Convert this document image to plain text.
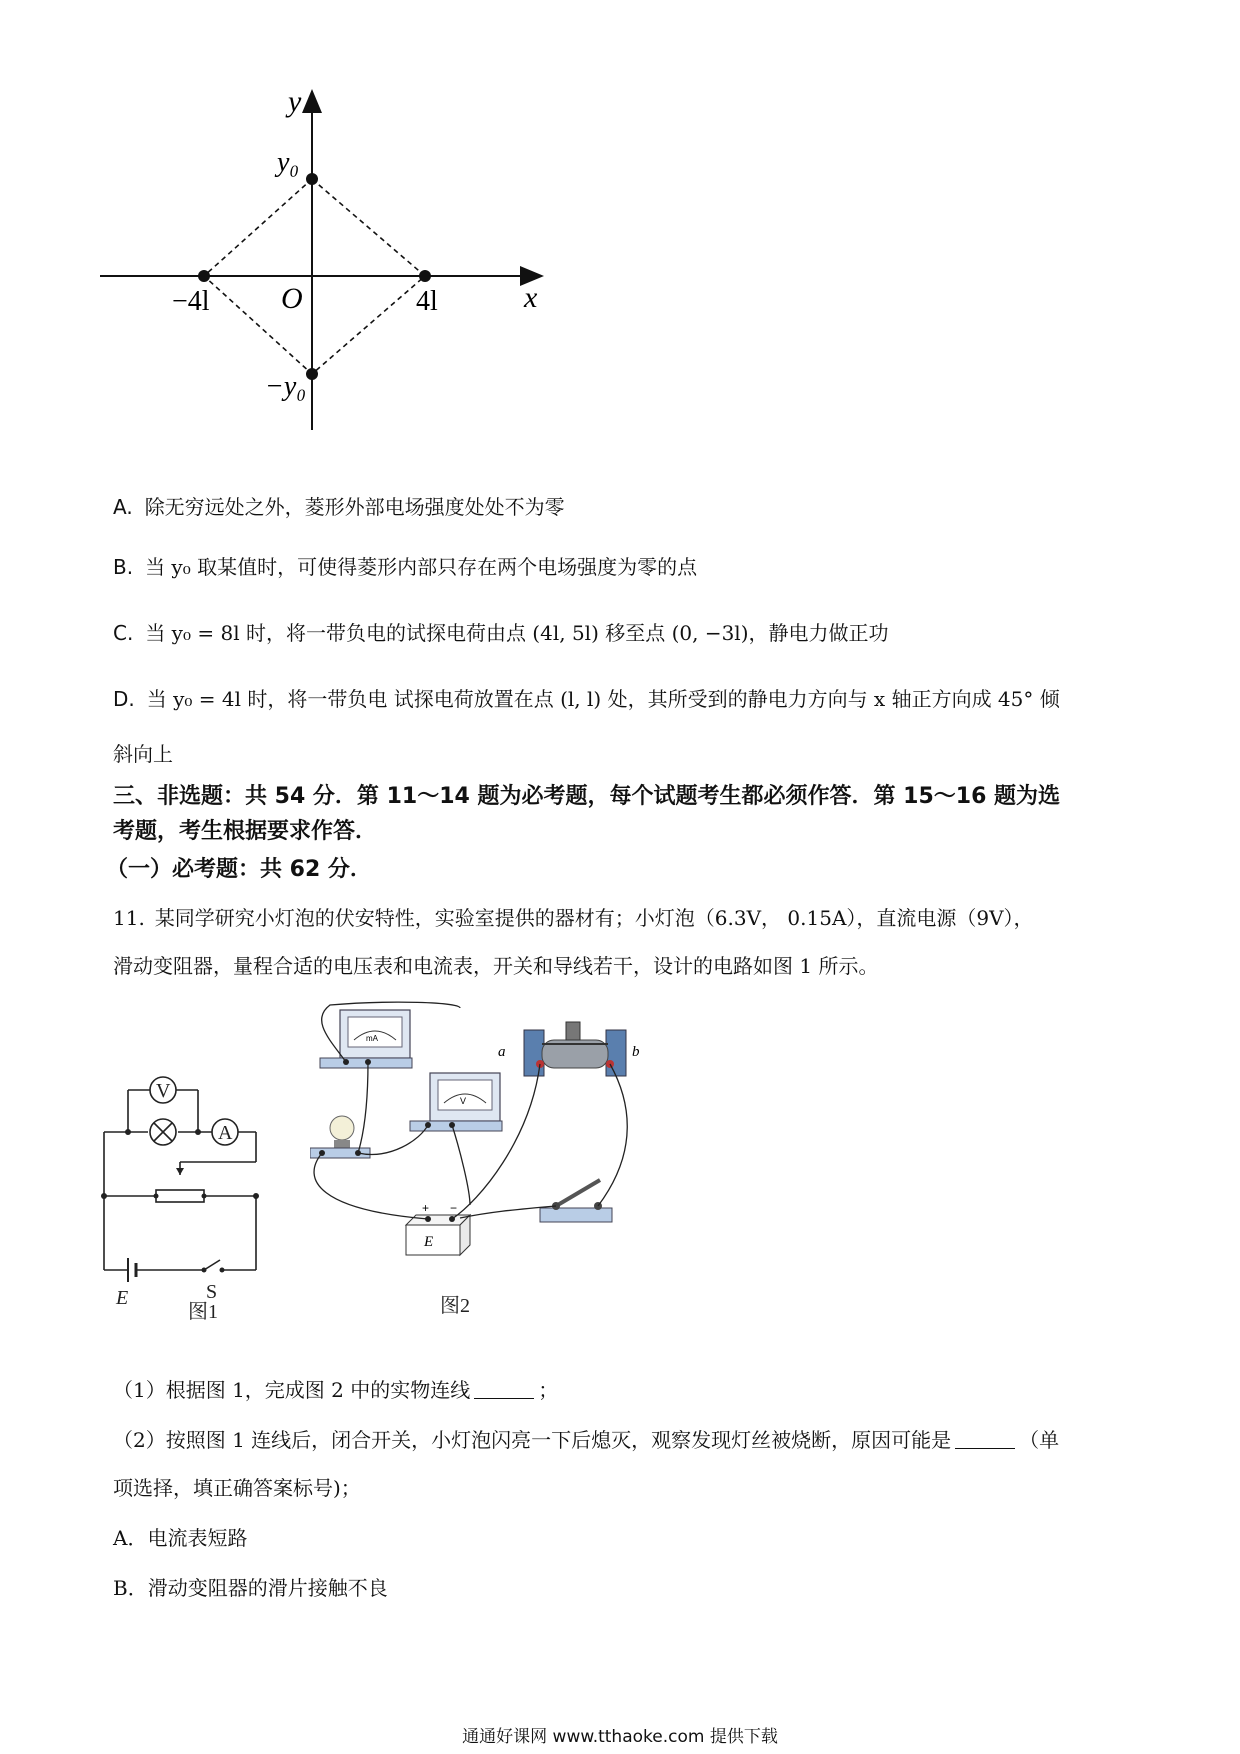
y
x
O
y₀
−y₀
−4l	4l
A. 除无穷远处之外，菱形外部电场强度处处不为零
B. 当 y₀ 取某值时，可使得菱形内部只存在两个电场强度为零的点
C. 当 y₀ = 8l 时，将一带负电的试探电荷由点 (4l, 5l) 移至点 (0, −3l)，静电力做正功
D. 当 y₀ = 4l 时，将一带负电 试探电荷放置在点 (l, l) 处，其所受到的静电力方向与 x 轴正方向成 45° 倾
斜向上
三、非选题：共 54 分．第 11～14 题为必考题，每个试题考生都必须作答．第 15～16 题为选
考题，考生根据要求作答．
（一）必考题：共 62 分．
11. 某同学研究小灯泡的伏安特性，实验室提供的器材有；小灯泡（6.3V， 0.15A），直流电源（9V），
滑动变阻器，量程合适的电压表和电流表，开关和导线若干，设计的电路如图 1 所示。
V
A
E	S
图1
mA
V
a	b
+ −
E
图2
（1）根据图 1，完成图 2 中的实物连线	；
（2）按照图 1 连线后，闭合开关，小灯泡闪亮一下后熄灭，观察发现灯丝被烧断，原因可能是	（单
项选择，填正确答案标号)；
A．电流表短路
B．滑动变阻器的滑片接触不良
通通好课网 www.tthaoke.com 提供下载
